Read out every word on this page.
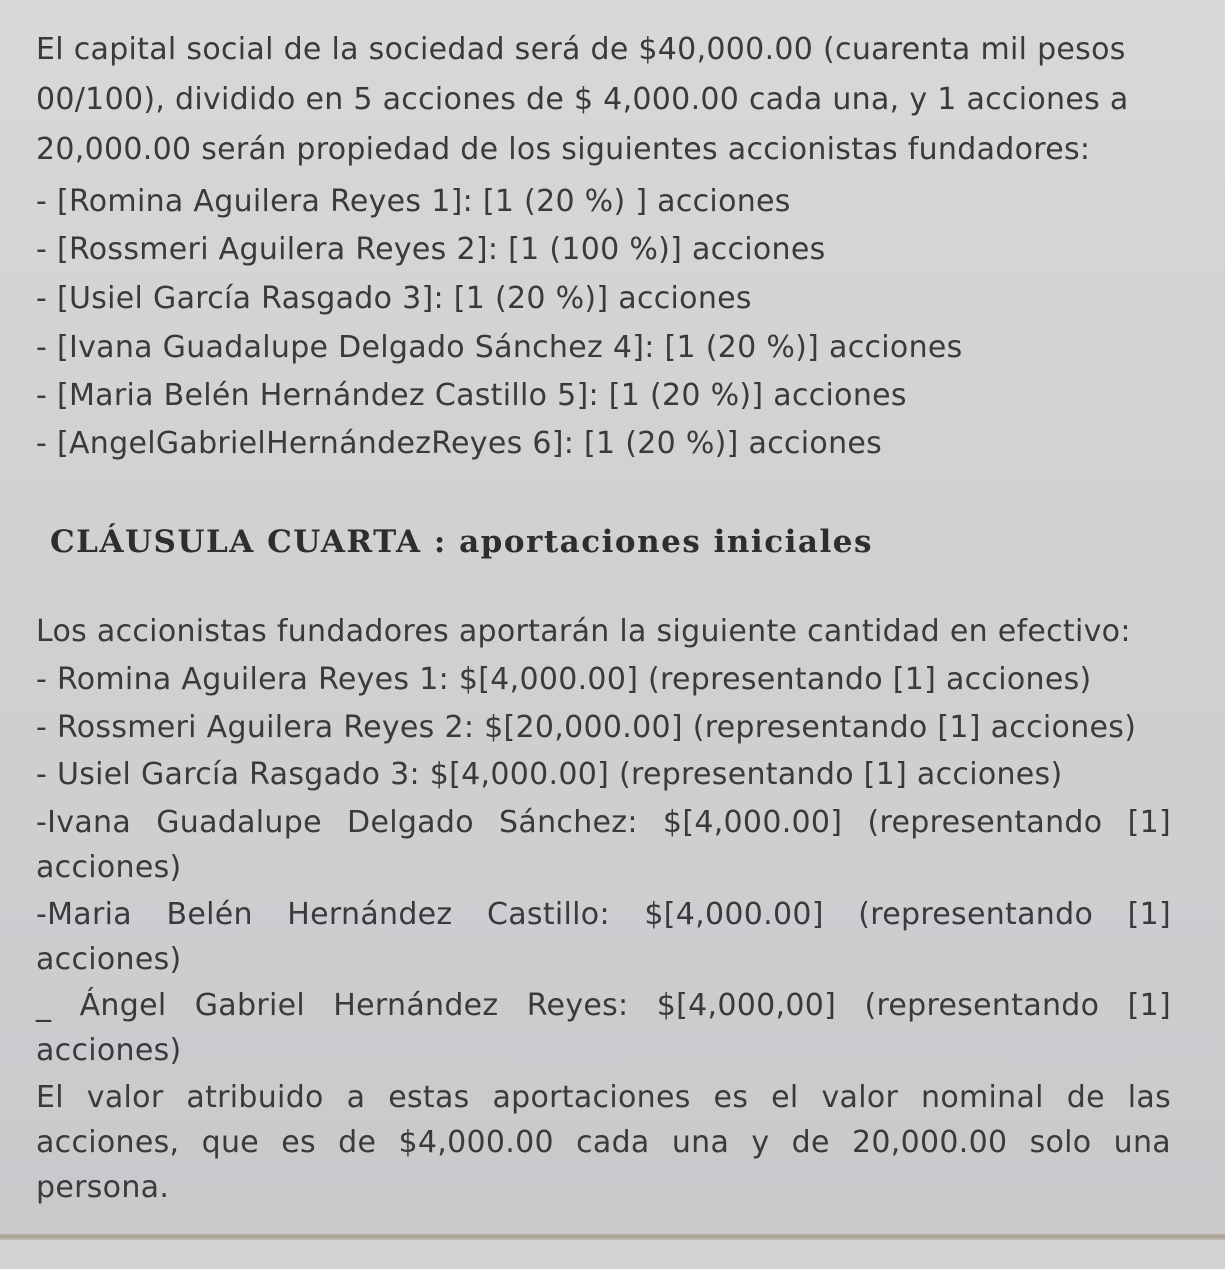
El capital social de la sociedad será de $40,000.00 (cuarenta mil pesos
00/100), dividido en 5 acciones de $ 4,000.00 cada una, y 1 acciones a
20,000.00 serán propiedad de los siguientes accionistas fundadores:
- [Romina Aguilera Reyes 1]: [1 (20 %) ] acciones
- [Rossmeri Aguilera Reyes 2]: [1 (100 %)] acciones
- [Usiel García Rasgado 3]: [1 (20 %)] acciones
- [Ivana Guadalupe Delgado Sánchez 4]: [1 (20 %)] acciones
- [Maria Belén Hernández Castillo 5]: [1 (20 %)] acciones
- [AngelGabrielHernándezReyes 6]: [1 (20 %)] acciones
CLÁUSULA CUARTA : aportaciones iniciales
Los accionistas fundadores aportarán la siguiente cantidad en efectivo:
- Romina Aguilera Reyes 1: $[4,000.00] (representando [1] acciones)
- Rossmeri Aguilera Reyes 2: $[20,000.00] (representando [1] acciones)
- Usiel García Rasgado 3: $[4,000.00] (representando [1] acciones)
-Ivana Guadalupe Delgado Sánchez: $[4,000.00] (representando [1]
acciones)
-Maria Belén Hernández Castillo: $[4,000.00] (representando [1]
acciones)
_ Ángel Gabriel Hernández Reyes: $[4,000,00] (representando [1]
acciones)
El valor atribuido a estas aportaciones es el valor nominal de las
acciones, que es de $4,000.00 cada una y de 20,000.00 solo una
persona.
